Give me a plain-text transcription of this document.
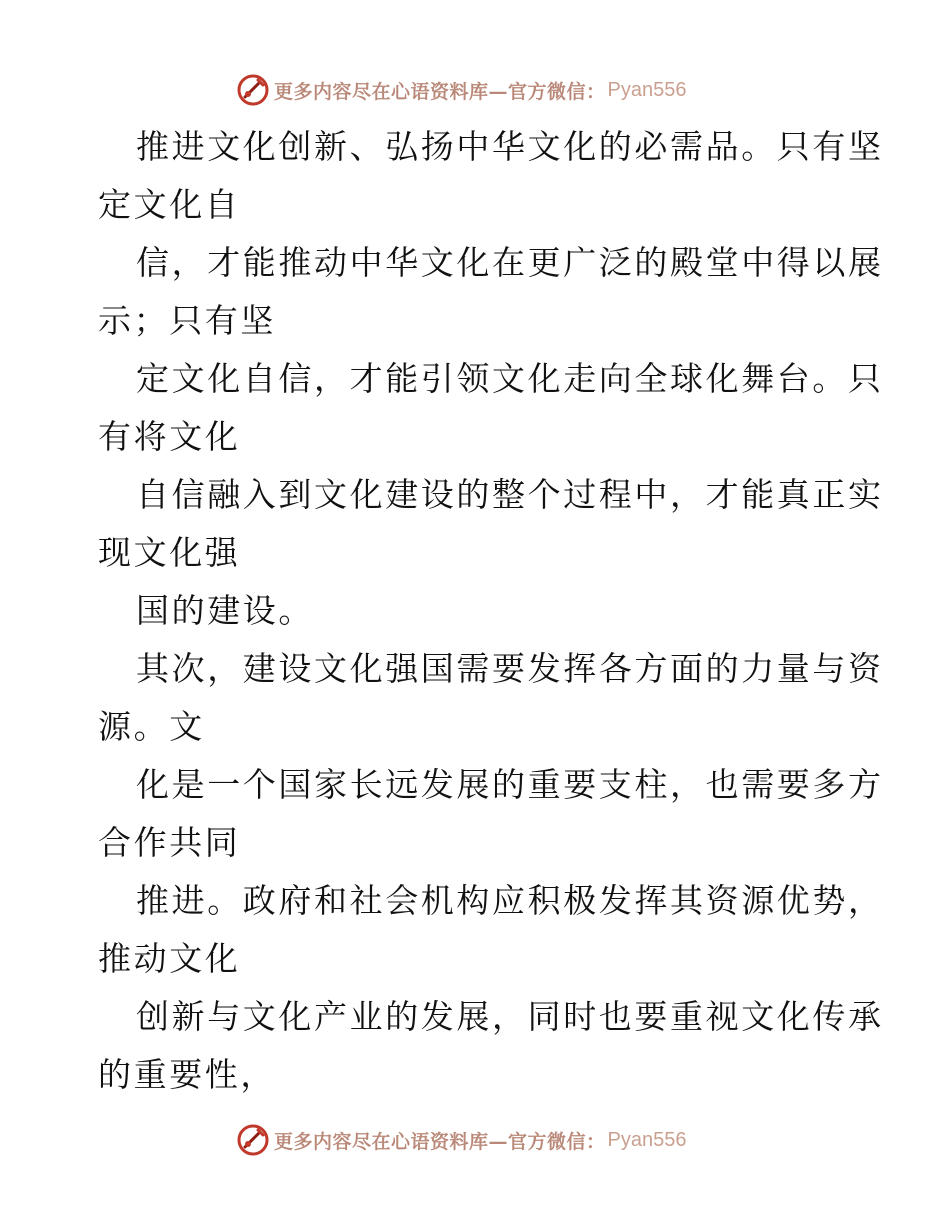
更多内容尽在心语资料库—官方微信： Pyan556
推进文化创新、弘扬中华文化的必需品。只有坚
定文化自
信，才能推动中华文化在更广泛的殿堂中得以展
示；只有坚
定文化自信，才能引领文化走向全球化舞台。只
有将文化
自信融入到文化建设的整个过程中，才能真正实
现文化强
国的建设。
其次，建设文化强国需要发挥各方面的力量与资
源。文
化是一个国家长远发展的重要支柱，也需要多方
合作共同
推进。政府和社会机构应积极发挥其资源优势，
推动文化
创新与文化产业的发展，同时也要重视文化传承
的重要性，
更多内容尽在心语资料库—官方微信： Pyan556
